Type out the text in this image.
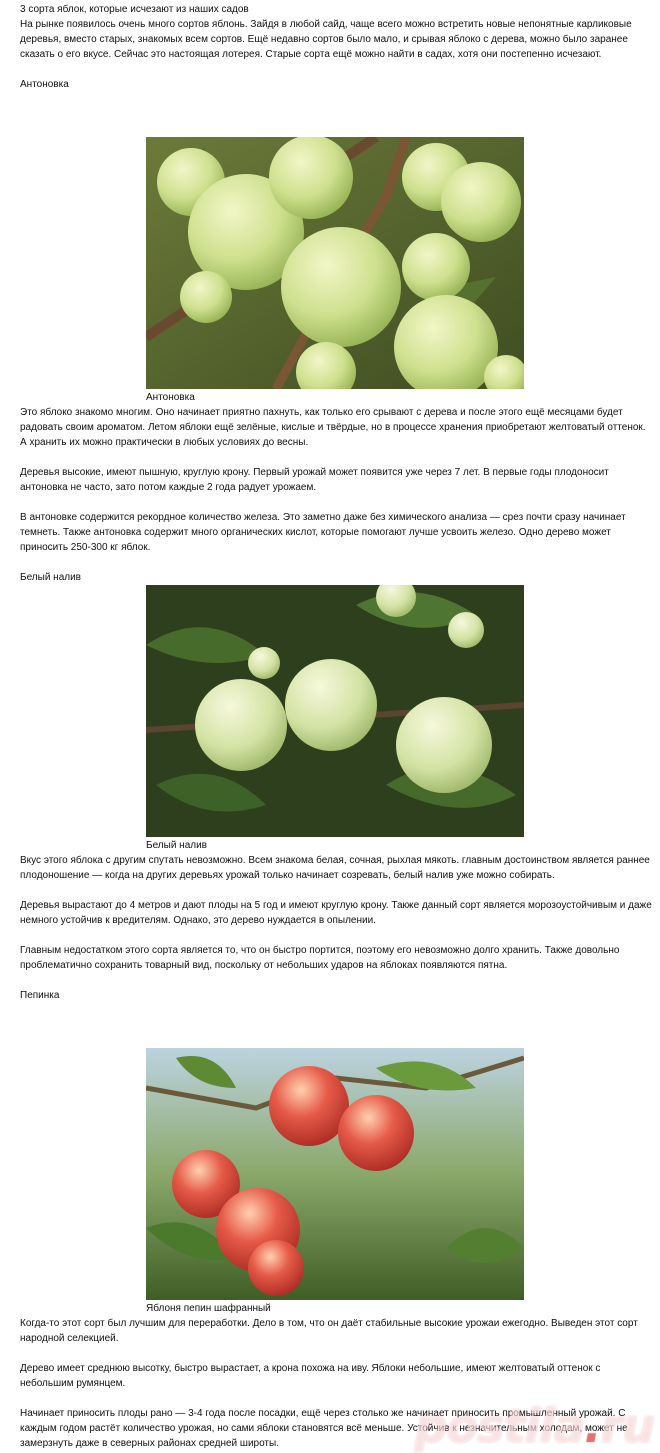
3 сорта яблок, которые исчезают из наших садов

На рынке появилось очень много сортов яблонь. Зайдя в любой сайд, чаще всего можно встретить новые непонятные карликовые деревья, вместо старых, знакомых всем сортов. Ещё недавно сортов было мало, и срывая яблоко с дерева, можно было заранее сказать о его вкусе. Сейчас это настоящая лотерея. Старые сорта ещё можно найти в садах, хотя они постепенно исчезают.

Антоновка

Антоновка

Это яблоко знакомо многим. Оно начинает приятно пахнуть, как только его срывают с дерева и после этого ещё месяцами будет радовать своим ароматом. Летом яблоки ещё зелёные, кислые и твёрдые, но в процессе хранения приобретают желтоватый оттенок. А хранить их можно практически в любых условиях до весны.

Деревья высокие, имеют пышную, круглую крону. Первый урожай может появится уже через 7 лет. В первые годы плодоносит антоновка не часто, зато потом каждые 2 года радует урожаем.

В антоновке содержится рекордное количество железа. Это заметно даже без химического анализа — срез почти сразу начинает темнеть. Также антоновка содержит много органических кислот, которые помогают лучше усвоить железо. Одно дерево может приносить 250-300 кг яблок.

Белый налив

Белый налив

Вкус этого яблока с другим спутать невозможно. Всем знакома белая, сочная, рыхлая мякоть. главным достоинством является раннее плодоношение — когда на других деревьях урожай только начинает созревать, белый налив уже можно собирать.

Деревья вырастают до 4 метров и дают плоды на 5 год и имеют круглую крону. Также данный сорт является морозоустойчивым и даже немного устойчив к вредителям. Однако, это дерево нуждается в опылении.

Главным недостатком этого сорта является то, что он быстро портится, поэтому его невозможно долго хранить. Также довольно проблематично сохранить товарный вид, поскольку от небольших ударов на яблоках появляются пятна.

Пепинка

Яблоня пепин шафранный

Когда-то этот сорт был лучшим для переработки. Дело в том, что он даёт стабильные высокие урожаи ежегодно. Выведен этот сорт народной селекцией.

Дерево имеет среднюю высотку, быстро вырастает, а крона похожа на иву. Яблоки небольшие, имеют желтоватый оттенок с небольшим румянцем.

Начинает приносить плоды рано — 3-4 года после посадки, ещё через столько же начинает приносить промышленный урожай. С каждым годом растёт количество урожая, но сами яблоки становятся всё меньше. Устойчив к незначительным холодам, может не замерзнуть даже в северных районах средней широты.	postila.ru
